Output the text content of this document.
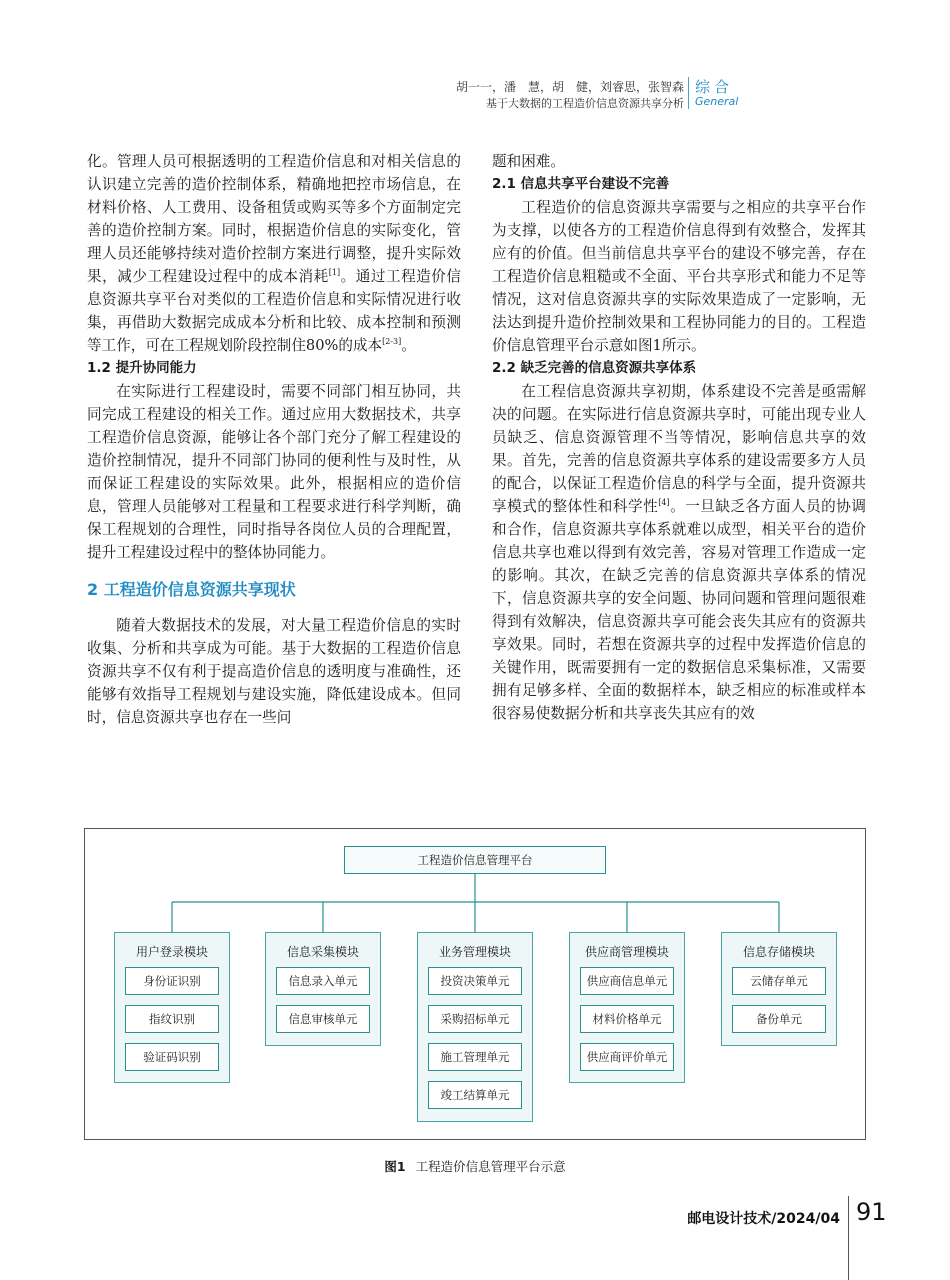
胡一一，潘　慧，胡　健，刘睿思，张智森
基于大数据的工程造价信息资源共享分析
综合
General

化。管理人员可根据透明的工程造价信息和对相关信息的认识建立完善的造价控制体系，精确地把控市场信息，在材料价格、人工费用、设备租赁或购买等多个方面制定完善的造价控制方案。同时，根据造价信息的实际变化，管理人员还能够持续对造价控制方案进行调整，提升实际效果，减少工程建设过程中的成本消耗[1]。通过工程造价信息资源共享平台对类似的工程造价信息和实际情况进行收集，再借助大数据完成成本分析和比较、成本控制和预测等工作，可在工程规划阶段控制住80%的成本[2-3]。

1.2 提升协同能力

在实际进行工程建设时，需要不同部门相互协同，共同完成工程建设的相关工作。通过应用大数据技术，共享工程造价信息资源，能够让各个部门充分了解工程建设的造价控制情况，提升不同部门协同的便利性与及时性，从而保证工程建设的实际效果。此外，根据相应的造价信息，管理人员能够对工程量和工程要求进行科学判断，确保工程规划的合理性，同时指导各岗位人员的合理配置，提升工程建设过程中的整体协同能力。

2 工程造价信息资源共享现状

随着大数据技术的发展，对大量工程造价信息的实时收集、分析和共享成为可能。基于大数据的工程造价信息资源共享不仅有利于提高造价信息的透明度与准确性，还能够有效指导工程规划与建设实施，降低建设成本。但同时，信息资源共享也存在一些问

题和困难。

2.1 信息共享平台建设不完善

工程造价的信息资源共享需要与之相应的共享平台作为支撑，以使各方的工程造价信息得到有效整合，发挥其应有的价值。但当前信息共享平台的建设不够完善，存在工程造价信息粗糙或不全面、平台共享形式和能力不足等情况，这对信息资源共享的实际效果造成了一定影响，无法达到提升造价控制效果和工程协同能力的目的。工程造价信息管理平台示意如图1所示。

2.2 缺乏完善的信息资源共享体系

在工程信息资源共享初期，体系建设不完善是亟需解决的问题。在实际进行信息资源共享时，可能出现专业人员缺乏、信息资源管理不当等情况，影响信息共享的效果。首先，完善的信息资源共享体系的建设需要多方人员的配合，以保证工程造价信息的科学与全面，提升资源共享模式的整体性和科学性[4]。一旦缺乏各方面人员的协调和合作，信息资源共享体系就难以成型，相关平台的造价信息共享也难以得到有效完善，容易对管理工作造成一定的影响。其次，在缺乏完善的信息资源共享体系的情况下，信息资源共享的安全问题、协同问题和管理问题很难得到有效解决，信息资源共享可能会丧失其应有的资源共享效果。同时，若想在资源共享的过程中发挥造价信息的关键作用，既需要拥有一定的数据信息采集标准，又需要拥有足够多样、全面的数据样本，缺乏相应的标准或样本很容易使数据分析和共享丧失其应有的效

工程造价信息管理平台
用户登录模块
身份证识别
指纹识别
验证码识别
信息采集模块
信息录入单元
信息审核单元
业务管理模块
投资决策单元
采购招标单元
施工管理单元
竣工结算单元
供应商管理模块
供应商信息单元
材料价格单元
供应商评价单元
信息存储模块
云储存单元
备份单元
图1 工程造价信息管理平台示意
邮电设计技术/2024/04 91
